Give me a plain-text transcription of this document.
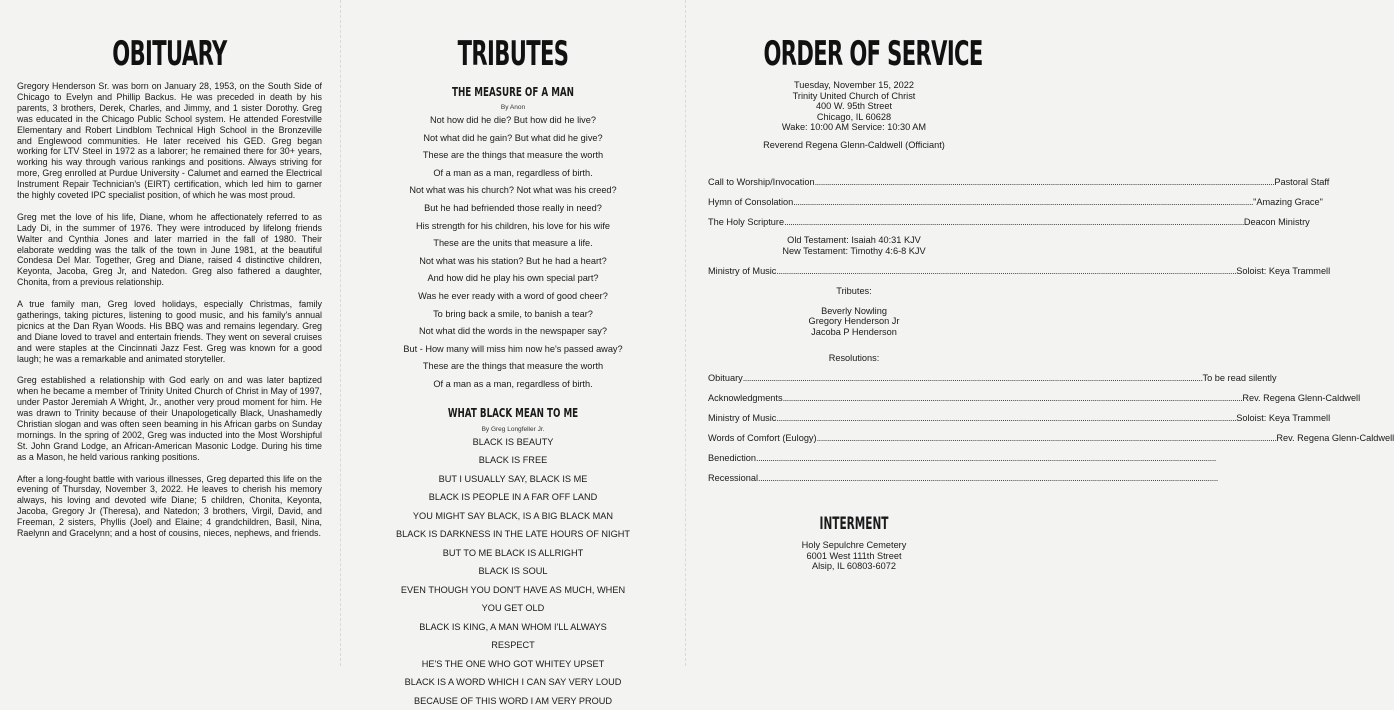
OBITUARY

Gregory Henderson Sr. was born on January 28, 1953, on the South Side of Chicago to Evelyn and Phillip Backus. He was preceded in death by his parents, 3 brothers, Derek, Charles, and Jimmy, and 1 sister Dorothy. Greg was educated in the Chicago Public School system. He attended Forestville Elementary and Robert Lindblom Technical High School in the Bronzeville and Englewood communities. He later received his GED. Greg began working for LTV Steel in 1972 as a laborer; he remained there for 30+ years, working his way through various rankings and positions. Always striving for more, Greg enrolled at Purdue University - Calumet and earned the Electrical Instrument Repair Technician's (EIRT) certification, which led him to garner the highly coveted IPC specialist position, of which he was most proud.

Greg met the love of his life, Diane, whom he affectionately referred to as Lady Di, in the summer of 1976. They were introduced by lifelong friends Walter and Cynthia Jones and later married in the fall of 1980. Their elaborate wedding was the talk of the town in June 1981, at the beautiful Condesa Del Mar. Together, Greg and Diane, raised 4 distinctive children, Keyonta, Jacoba, Greg Jr, and Natedon. Greg also fathered a daughter, Chonita, from a previous relationship.

A true family man, Greg loved holidays, especially Christmas, family gatherings, taking pictures, listening to good music, and his family's annual picnics at the Dan Ryan Woods. His BBQ was and remains legendary. Greg and Diane loved to travel and entertain friends. They went on several cruises and were staples at the Cincinnati Jazz Fest. Greg was known for a good laugh; he was a remarkable and animated storyteller.

Greg established a relationship with God early on and was later baptized when he became a member of Trinity United Church of Christ in May of 1997, under Pastor Jeremiah A Wright, Jr., another very proud moment for him. He was drawn to Trinity because of their Unapologetically Black, Unashamedly Christian slogan and was often seen beaming in his African garbs on Sunday mornings. In the spring of 2002, Greg was inducted into the Most Worshipful St. John Grand Lodge, an African-American Masonic Lodge. During his time as a Mason, he held various ranking positions.

After a long-fought battle with various illnesses, Greg departed this life on the evening of Thursday, November 3, 2022. He leaves to cherish his memory always, his loving and devoted wife Diane; 5 children, Chonita, Keyonta, Jacoba, Gregory Jr (Theresa), and Natedon; 3 brothers, Virgil, David, and Freeman, 2 sisters, Phyllis (Joel) and Elaine; 4 grandchildren, Basil, Nina, Raelynn and Gracelynn; and a host of cousins, nieces, nephews, and friends.

TRIBUTES
THE MEASURE OF A MAN
By Anon
Not how did he die? But how did he live?
Not what did he gain? But what did he give?
These are the things that measure the worth
Of a man as a man, regardless of birth.
Not what was his church? Not what was his creed?
But he had befriended those really in need?
His strength for his children, his love for his wife
These are the units that measure a life.
Not what was his station? But he had a heart?
And how did he play his own special part?
Was he ever ready with a word of good cheer?
To bring back a smile, to banish a tear?
Not what did the words in the newspaper say?
But - How many will miss him now he's passed away?
These are the things that measure the worth
Of a man as a man, regardless of birth.
WHAT BLACK MEAN TO ME
By Greg Longfeller Jr.
BLACK IS BEAUTY
BLACK IS FREE
BUT I USUALLY SAY, BLACK IS ME
BLACK IS PEOPLE IN A FAR OFF LAND
YOU MIGHT SAY BLACK, IS A BIG BLACK MAN
BLACK IS DARKNESS IN THE LATE HOURS OF NIGHT
BUT TO ME BLACK IS ALLRIGHT
BLACK IS SOUL
EVEN THOUGH YOU DON'T HAVE AS MUCH, WHEN
YOU GET OLD
BLACK IS KING, A MAN WHOM I'LL ALWAYS
RESPECT
HE'S THE ONE WHO GOT WHITEY UPSET
BLACK IS A WORD WHICH I CAN SAY VERY LOUD
BECAUSE OF THIS WORD I AM VERY PROUD
ORDER OF SERVICE
Tuesday, November 15, 2022
Trinity United Church of Christ
400 W. 95th Street
Chicago, IL 60628
Wake: 10:00 AM Service: 10:30 AM
Reverend Regena Glenn-Caldwell (Officiant)
Call to Worship/Invocation .....	Pastoral Staff
Hymn of Consolation .....	"Amazing Grace"
The Holy Scripture .....	Deacon Ministry
Old Testament: Isaiah 40:31 KJV
New Testament: Timothy 4:6-8 KJV
Ministry of Music .....	Soloist: Keya Trammell
Tributes:
Beverly Nowling
Gregory Henderson Jr
Jacoba P Henderson
Resolutions:
Obituary .....	To be read silently
Acknowledgments .....	Rev. Regena Glenn-Caldwell
Ministry of Music .....	Soloist: Keya Trammell
Words of Comfort (Eulogy) .....	Rev. Regena Glenn-Caldwell
Benediction
.....
Recessional
.....
INTERMENT
Holy Sepulchre Cemetery
6001 West 111th Street
Alsip, IL 60803-6072
